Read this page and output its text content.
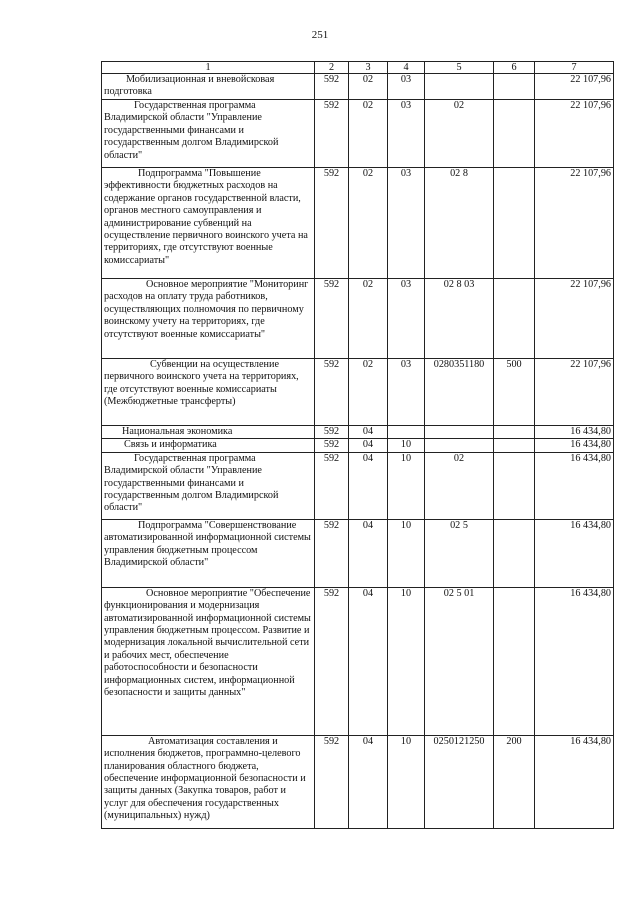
251
1	2	3	4	5	6	7
Мобилизационная и вневойсковая подготовка	592	02	03			22 107,96
Государственная программа Владимирской области "Управление государственными финансами и государственным долгом Владимирской области"	592	02	03	02		22 107,96
Подпрограмма "Повышение эффективности бюджетных расходов на содержание органов государственной власти, органов местного самоуправления и администрирование субвенций на осуществление первичного воинского учета на территориях, где отсутствуют военные комиссариаты"	592	02	03	02 8		22 107,96
Основное мероприятие "Мониторинг расходов на оплату труда работников, осуществляющих полномочия по первичному воинскому учету на территориях, где отсутствуют военные комиссариаты"	592	02	03	02 8 03		22 107,96
Субвенции на осуществление первичного воинского учета на территориях, где отсутствуют военные комиссариаты (Межбюджетные трансферты)	592	02	03	0280351180	500	22 107,96
Национальная экономика	592	04				16 434,80
Связь и информатика	592	04	10			16 434,80
Государственная программа Владимирской области "Управление государственными финансами и государственным долгом Владимирской области"	592	04	10	02		16 434,80
Подпрограмма "Совершенствование автоматизированной информационной системы управления бюджетным процессом Владимирской области"	592	04	10	02 5		16 434,80
Основное мероприятие "Обеспечение функционирования и модернизация автоматизированной информационной системы управления бюджетным процессом. Развитие и модернизация локальной вычислительной сети и рабочих мест, обеспечение работоспособности и безопасности информационных систем, информационной безопасности и защиты данных"	592	04	10	02 5 01		16 434,80
Автоматизация составления и исполнения бюджетов, программно-целевого планирования областного бюджета, обеспечение информационной безопасности и защиты данных (Закупка товаров, работ и услуг для обеспечения государственных (муниципальных) нужд)	592	04	10	0250121250	200	16 434,80
